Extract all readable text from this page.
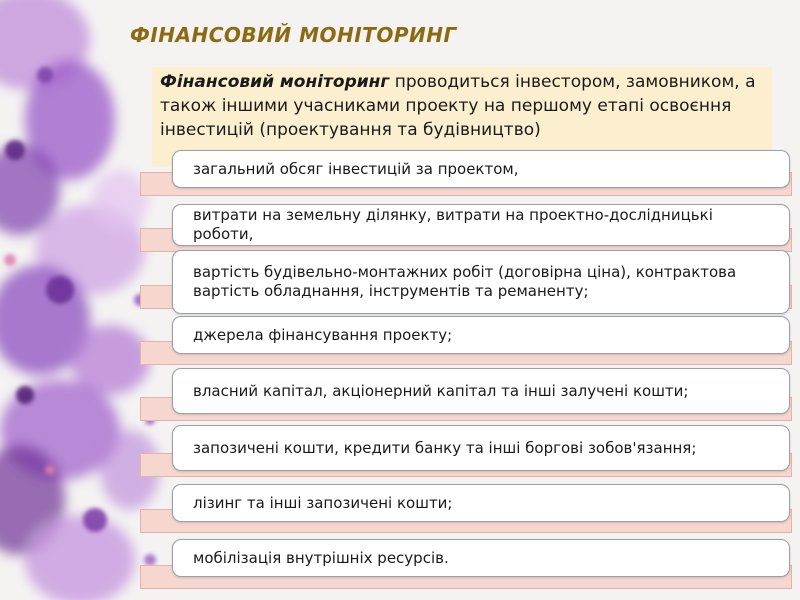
ФІНАНСОВИЙ МОНІТОРИНГ
Фінансовий моніторинг проводиться інвестором, замовником, а також іншими учасниками проекту на першому етапі освоєння інвестицій (проектування та будівництво)
загальний обсяг інвестицій за проектом,
витрати на земельну ділянку, витрати на проектно-дослідницькі роботи,
вартість будівельно-монтажних робіт (договірна ціна), контрактова вартість обладнання, інструментів та реманенту;
джерела фінансування проекту;
власний капітал, акціонерний капітал та інші залучені кошти;
запозичені кошти, кредити банку та інші боргові зобов'язання;
лізинг та інші запозичені кошти;
мобілізація внутрішніх ресурсів.
